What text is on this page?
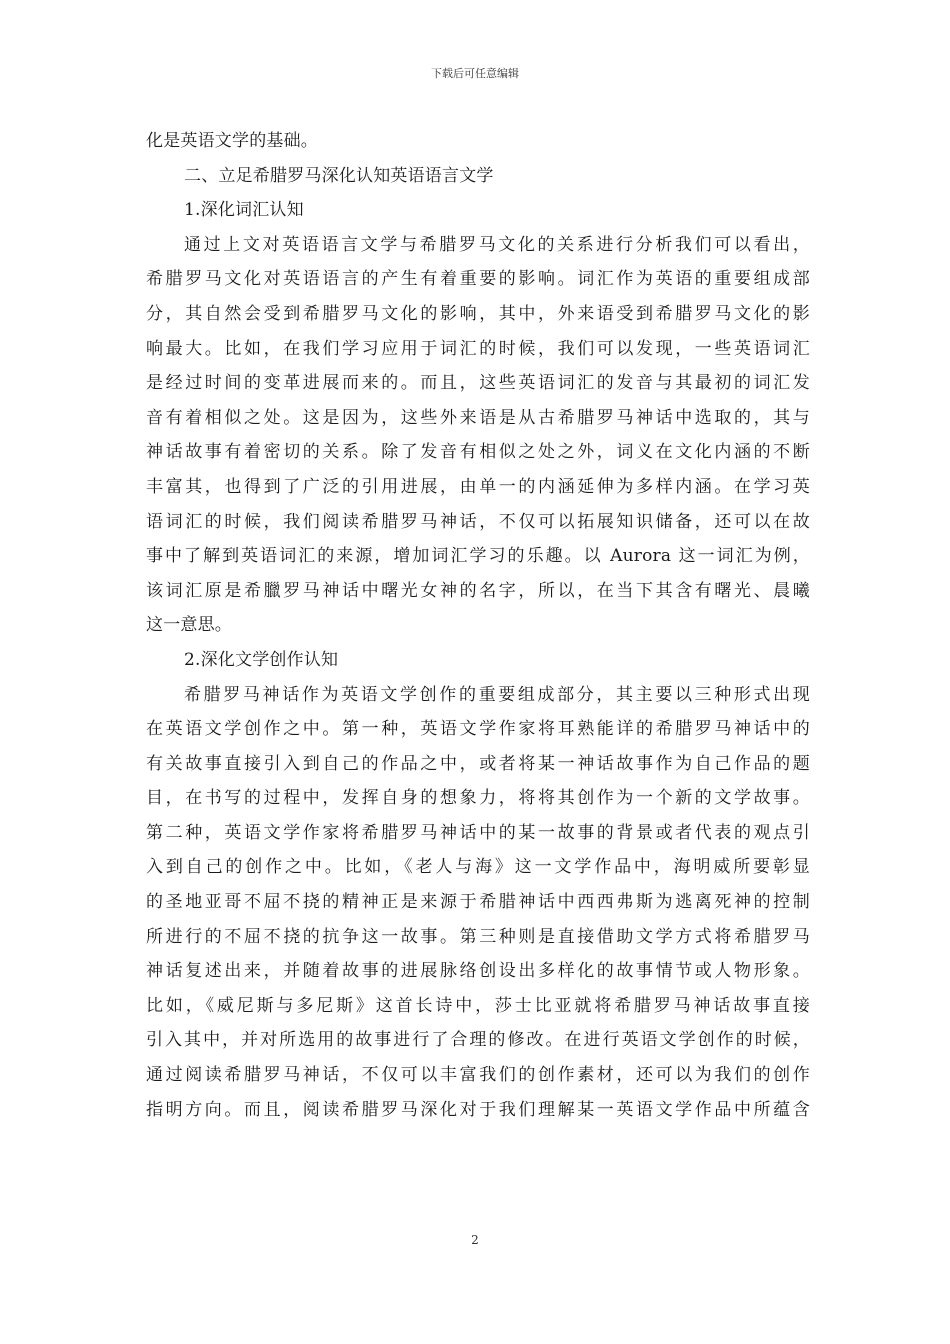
下载后可任意编辑
化是英语文学的基础。
二、立足希腊罗马深化认知英语语言文学
1.深化词汇认知
通过上文对英语语言文学与希腊罗马文化的关系进行分析我们可以看出，
希腊罗马文化对英语语言的产生有着重要的影响。词汇作为英语的重要组成部
分，其自然会受到希腊罗马文化的影响，其中，外来语受到希腊罗马文化的影
响最大。比如，在我们学习应用于词汇的时候，我们可以发现，一些英语词汇
是经过时间的变革进展而来的。而且，这些英语词汇的发音与其最初的词汇发
音有着相似之处。这是因为，这些外来语是从古希腊罗马神话中选取的，其与
神话故事有着密切的关系。除了发音有相似之处之外，词义在文化内涵的不断
丰富其，也得到了广泛的引用进展，由单一的内涵延伸为多样内涵。在学习英
语词汇的时候，我们阅读希腊罗马神话，不仅可以拓展知识储备，还可以在故
事中了解到英语词汇的来源，增加词汇学习的乐趣。以 Aurora 这一词汇为例，
该词汇原是希臘罗马神话中曙光女神的名字，所以，在当下其含有曙光、晨曦
这一意思。
2.深化文学创作认知
希腊罗马神话作为英语文学创作的重要组成部分，其主要以三种形式出现
在英语文学创作之中。第一种，英语文学作家将耳熟能详的希腊罗马神话中的
有关故事直接引入到自己的作品之中，或者将某一神话故事作为自己作品的题
目，在书写的过程中，发挥自身的想象力，将将其创作为一个新的文学故事。
第二种，英语文学作家将希腊罗马神话中的某一故事的背景或者代表的观点引
入到自己的创作之中。比如，《老人与海》这一文学作品中，海明威所要彰显
的圣地亚哥不屈不挠的精神正是来源于希腊神话中西西弗斯为逃离死神的控制
所进行的不屈不挠的抗争这一故事。第三种则是直接借助文学方式将希腊罗马
神话复述出来，并随着故事的进展脉络创设出多样化的故事情节或人物形象。
比如，《威尼斯与多尼斯》这首长诗中，莎士比亚就将希腊罗马神话故事直接
引入其中，并对所选用的故事进行了合理的修改。在进行英语文学创作的时候，
通过阅读希腊罗马神话，不仅可以丰富我们的创作素材，还可以为我们的创作
指明方向。而且，阅读希腊罗马深化对于我们理解某一英语文学作品中所蕴含
2
